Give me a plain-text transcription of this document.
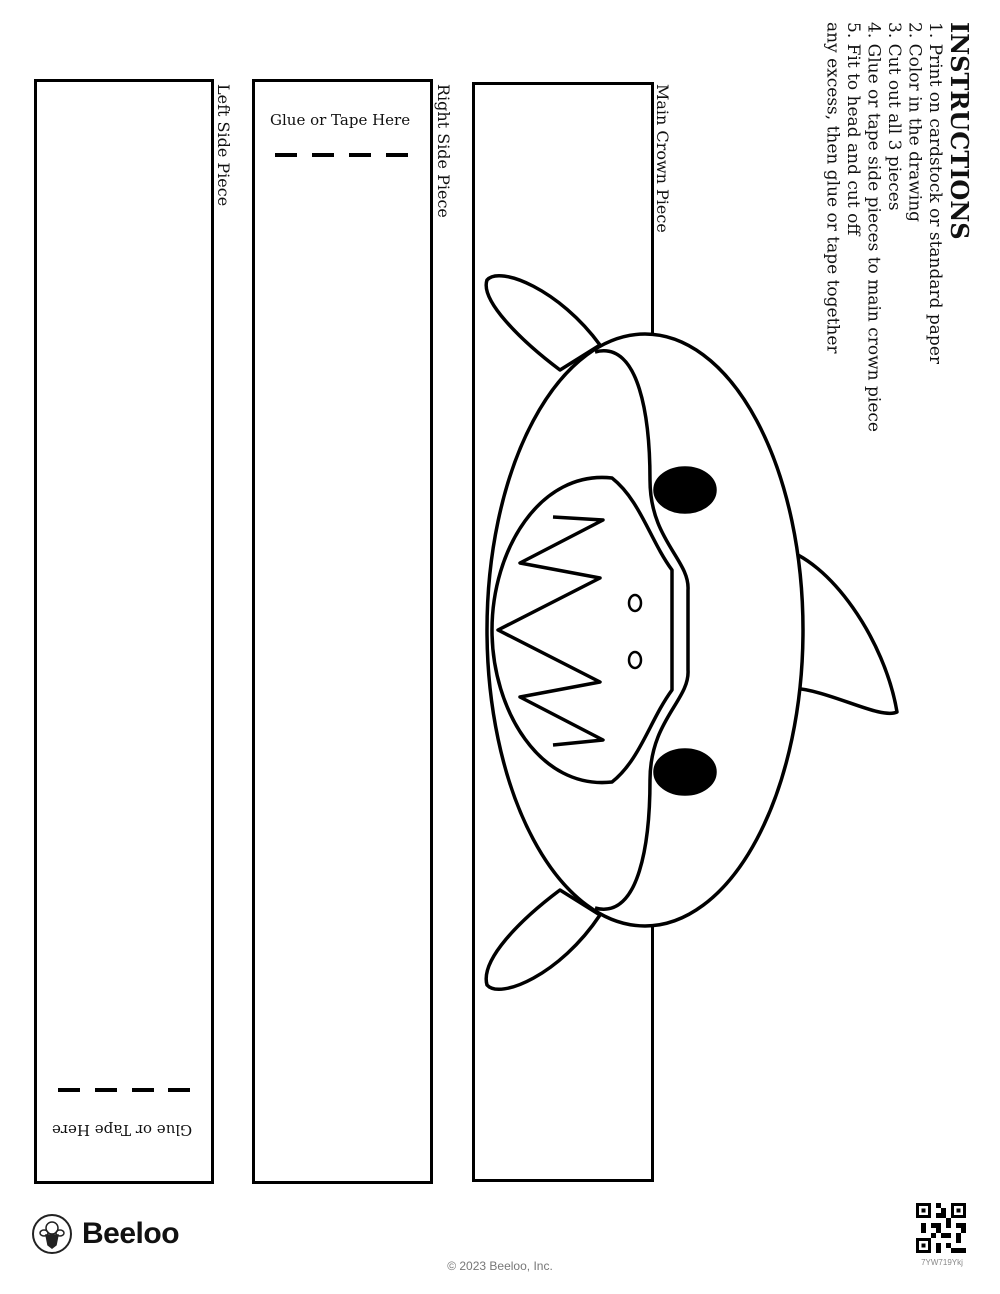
Left Side Piece	Right Side Piece	Main Crown Piece
Glue or Tape Here
Glue or Tape Here
INSTRUCTIONS
1. Print on cardstock or standard paper
2. Color in the drawing
3. Cut out all 3 pieces
4. Glue or tape side pieces to main crown piece
5. Fit to head and cut off
any excess, then glue or tape together
Beeloo
© 2023 Beeloo, Inc.	7YW719Ykj
